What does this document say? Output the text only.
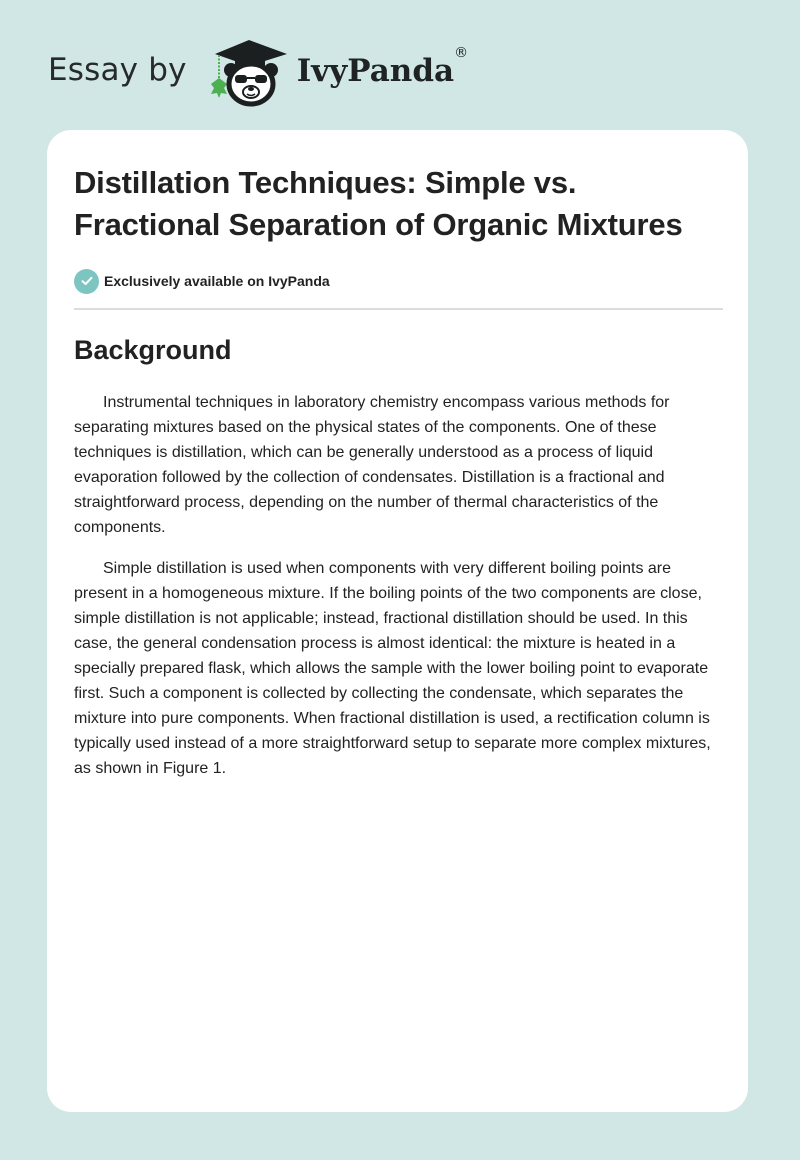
Essay by	IvyPanda®
Distillation Techniques: Simple vs. Fractional Separation of Organic Mixtures
Exclusively available on IvyPanda
Background

Instrumental techniques in laboratory chemistry encompass various methods for separating mixtures based on the physical states of the components. One of these techniques is distillation, which can be generally understood as a process of liquid evaporation followed by the collection of condensates. Distillation is a fractional and straightforward process, depending on the number of thermal characteristics of the components.

Simple distillation is used when components with very different boiling points are present in a homogeneous mixture. If the boiling points of the two components are close, simple distillation is not applicable; instead, fractional distillation should be used. In this case, the general condensation process is almost identical: the mixture is heated in a specially prepared flask, which allows the sample with the lower boiling point to evaporate first. Such a component is collected by collecting the condensate, which separates the mixture into pure components. When fractional distillation is used, a rectification column is typically used instead of a more straightforward setup to separate more complex mixtures, as shown in Figure 1.
